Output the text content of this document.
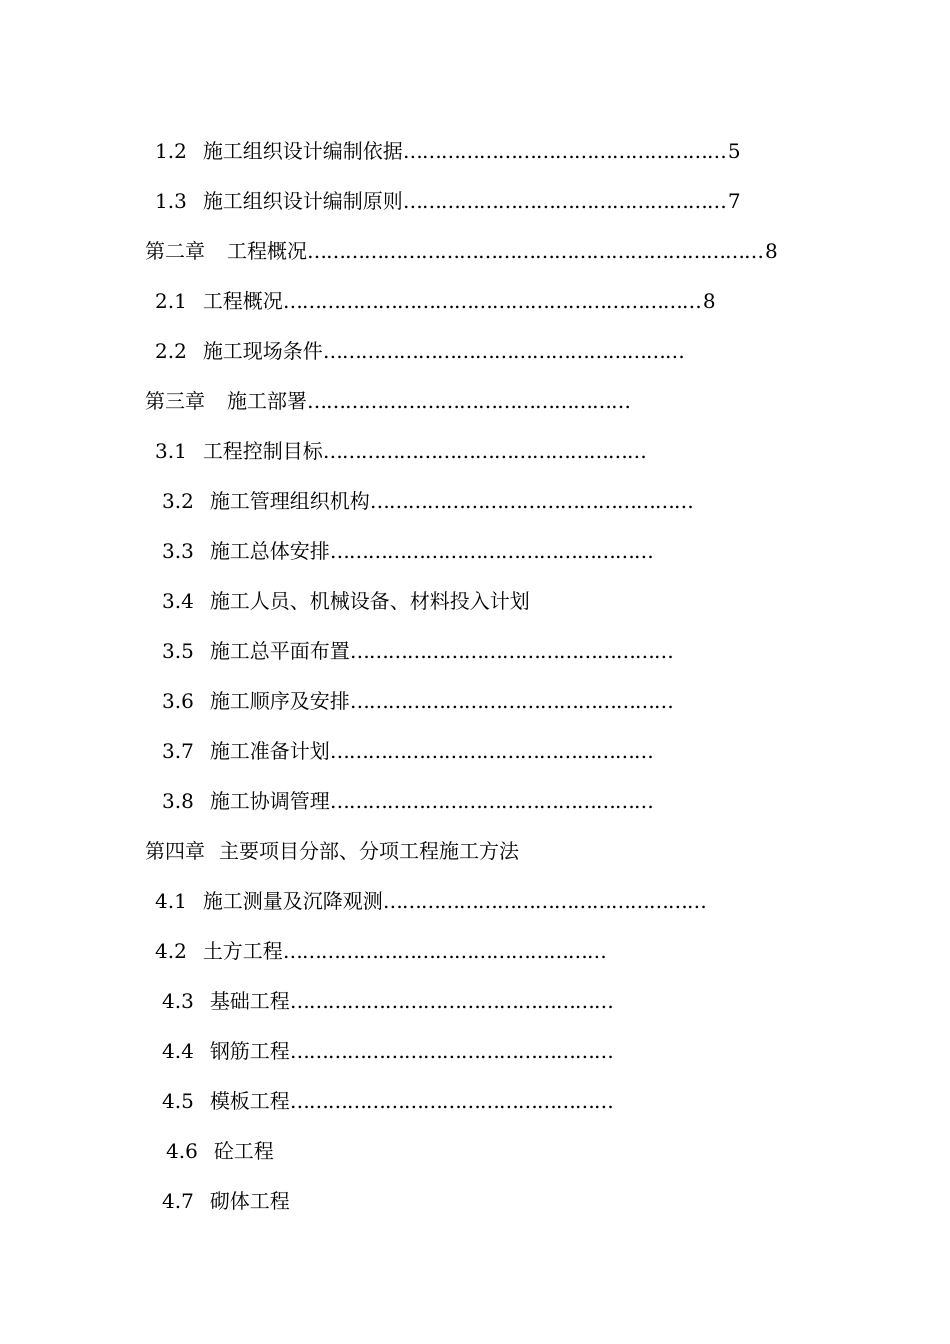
1.2 施工组织设计编制依据…………………………………………… 5
1.3 施工组织设计编制原则…………………………………………… 7
第二章 工程概况……………………………………………………………… 8
2.1 工程概况………………………………………………………… 8
2.2 施工现场条件…………………………………………………
第三章 施工部署……………………………………………
3.1 工程控制目标……………………………………………
3.2 施工管理组织机构……………………………………………
3.3 施工总体安排……………………………………………
3.4 施工人员、机械设备、材料投入计划
3.5 施工总平面布置……………………………………………
3.6 施工顺序及安排……………………………………………
3.7 施工准备计划……………………………………………
3.8 施工协调管理……………………………………………
第四章 主要项目分部、分项工程施工方法
4.1 施工测量及沉降观测……………………………………………
4.2 土方工程……………………………………………
4.3 基础工程……………………………………………
4.4 钢筋工程……………………………………………
4.5 模板工程……………………………………………
4.6 砼工程
4.7 砌体工程
